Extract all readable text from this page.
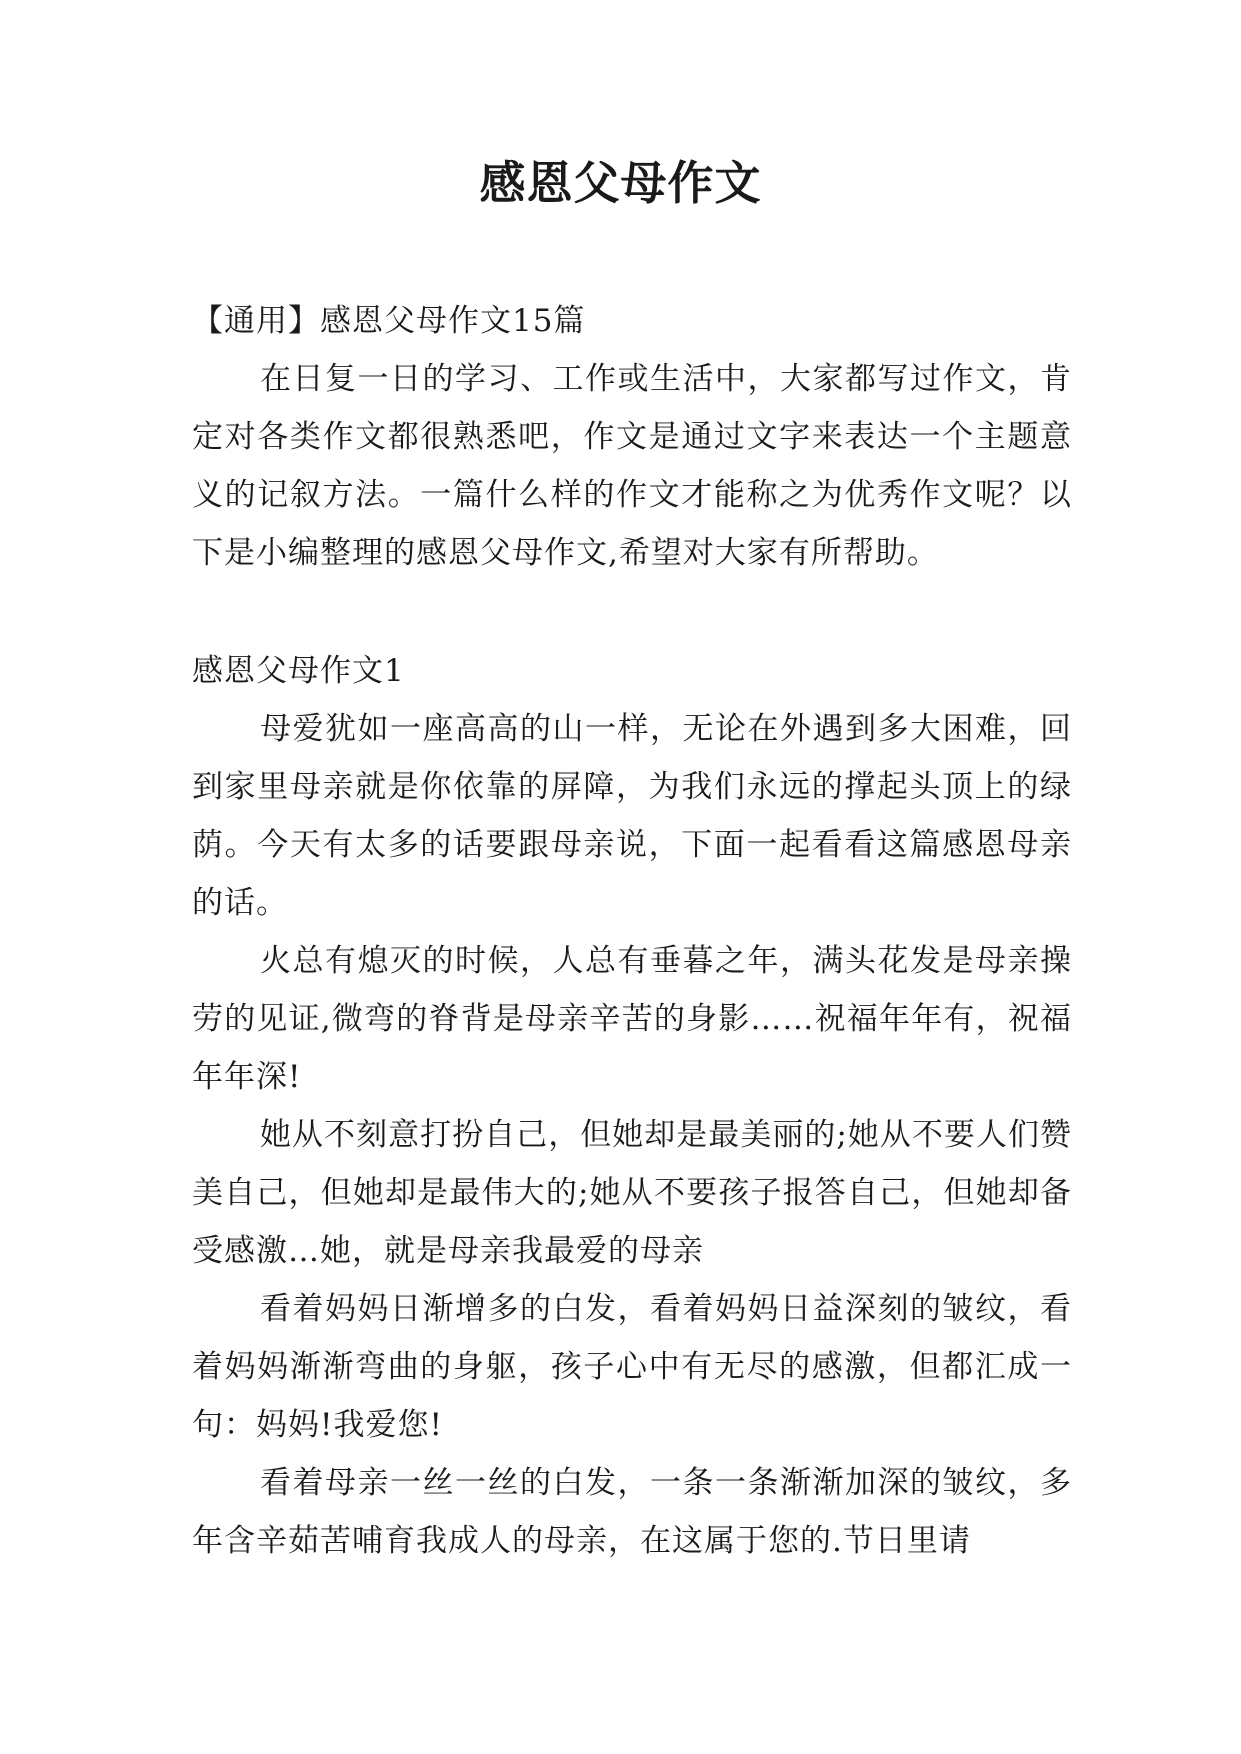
感恩父母作文

【通用】感恩父母作文15篇

在日复一日的学习、工作或生活中，大家都写过作文，肯定对各类作文都很熟悉吧，作文是通过文字来表达一个主题意义的记叙方法。一篇什么样的作文才能称之为优秀作文呢？以下是小编整理的感恩父母作文,希望对大家有所帮助。

感恩父母作文1

母爱犹如一座高高的山一样，无论在外遇到多大困难，回到家里母亲就是你依靠的屏障，为我们永远的撑起头顶上的绿荫。今天有太多的话要跟母亲说，下面一起看看这篇感恩母亲的话。

火总有熄灭的时候，人总有垂暮之年，满头花发是母亲操劳的见证,微弯的脊背是母亲辛苦的身影……祝福年年有，祝福年年深!

她从不刻意打扮自己，但她却是最美丽的;她从不要人们赞美自己，但她却是最伟大的;她从不要孩子报答自己，但她却备受感激…她，就是母亲我最爱的母亲

看着妈妈日渐增多的白发，看着妈妈日益深刻的皱纹，看着妈妈渐渐弯曲的身躯，孩子心中有无尽的感激，但都汇成一句：妈妈!我爱您!

看着母亲一丝一丝的白发，一条一条渐渐加深的皱纹，多年含辛茹苦哺育我成人的母亲，在这属于您的.节日里请
